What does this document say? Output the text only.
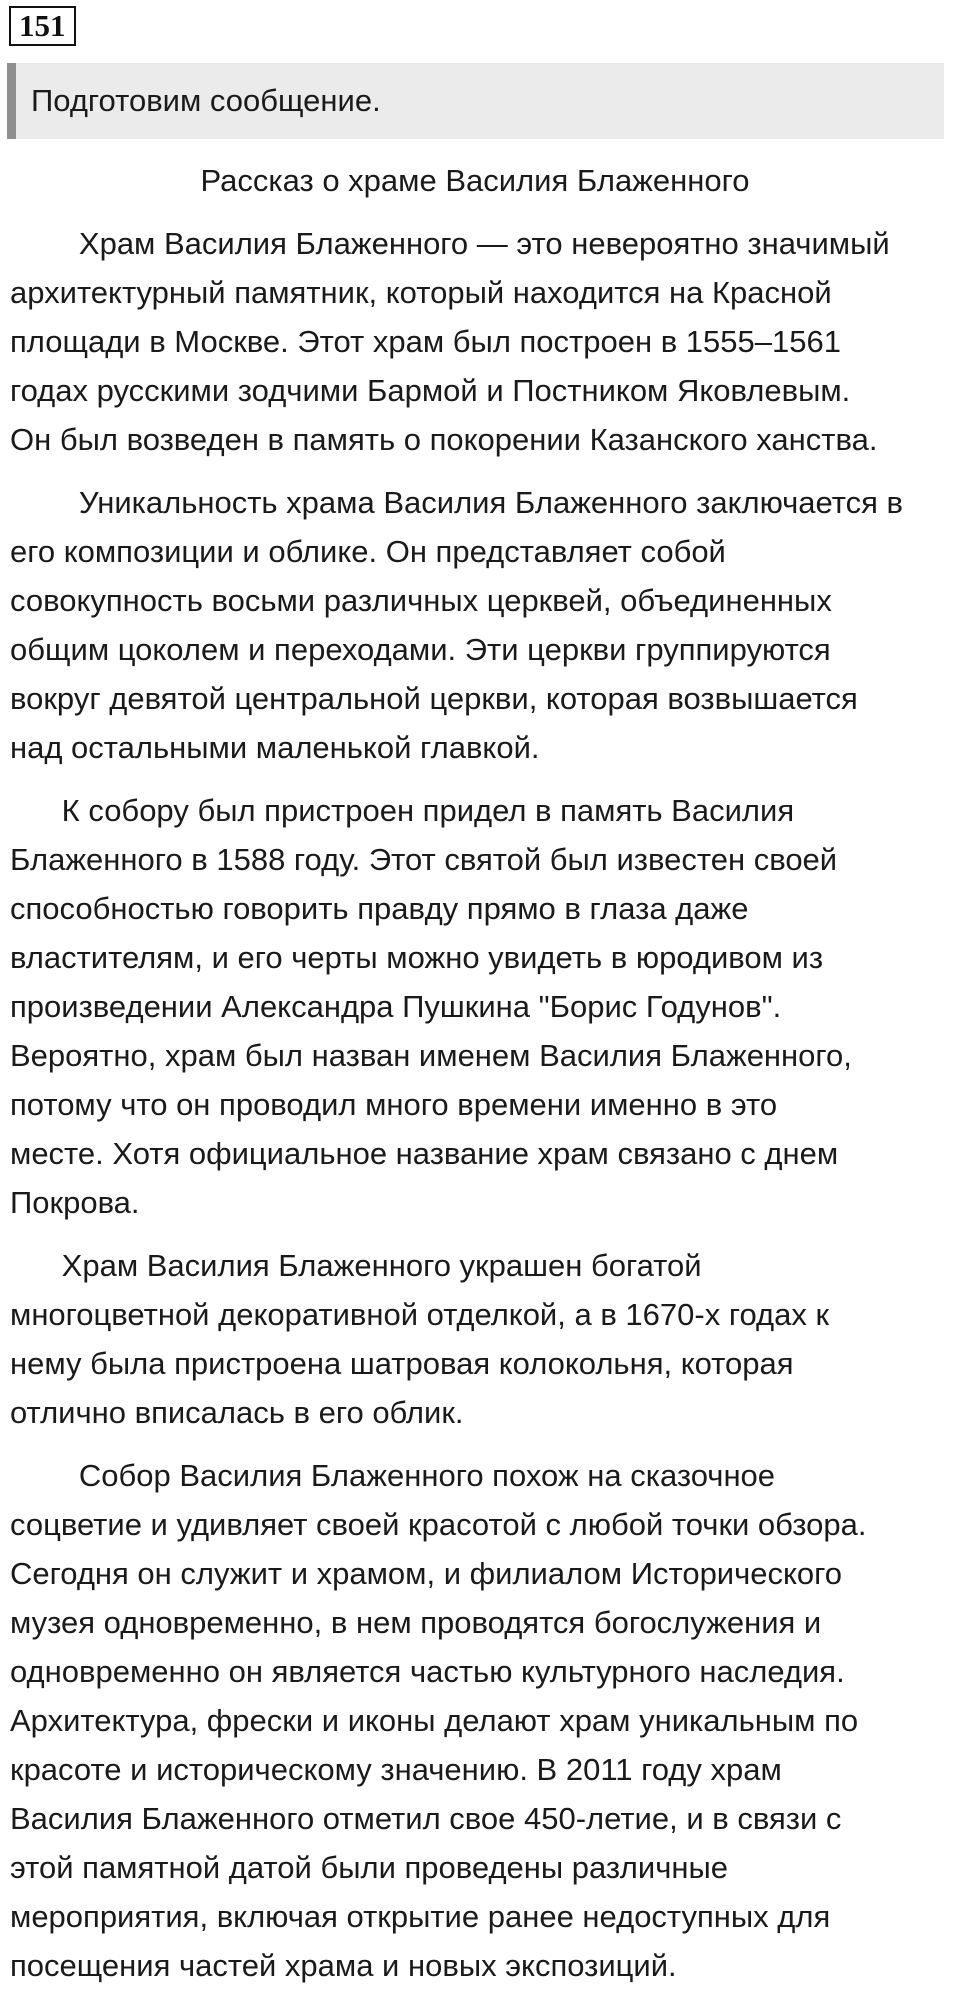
151
Подготовим сообщение.
Рассказ о храме Василия Блаженного

Храм Василия Блаженного — это невероятно значимый
архитектурный памятник, который находится на Красной
площади в Москве. Этот храм был построен в 1555–1561
годах русскими зодчими Бармой и Постником Яковлевым.
Он был возведен в память о покорении Казанского ханства.

Уникальность храма Василия Блаженного заключается в
его композиции и облике. Он представляет собой
совокупность восьми различных церквей, объединенных
общим цоколем и переходами. Эти церкви группируются
вокруг девятой центральной церкви, которая возвышается
над остальными маленькой главкой.

К собору был пристроен придел в память Василия
Блаженного в 1588 году. Этот святой был известен своей
способностью говорить правду прямо в глаза даже
властителям, и его черты можно увидеть в юродивом из
произведении Александра Пушкина "Борис Годунов".
Вероятно, храм был назван именем Василия Блаженного,
потому что он проводил много времени именно в это
месте. Хотя официальное название храм связано с днем
Покрова.

Храм Василия Блаженного украшен богатой
многоцветной декоративной отделкой, а в 1670-х годах к
нему была пристроена шатровая колокольня, которая
отлично вписалась в его облик.

Собор Василия Блаженного похож на сказочное
соцветие и удивляет своей красотой с любой точки обзора.
Сегодня он служит и храмом, и филиалом Исторического
музея одновременно, в нем проводятся богослужения и
одновременно он является частью культурного наследия.
Архитектура, фрески и иконы делают храм уникальным по
красоте и историческому значению. В 2011 году храм
Василия Блаженного отметил свое 450-летие, и в связи с
этой памятной датой были проведены различные
мероприятия, включая открытие ранее недоступных для
посещения частей храма и новых экспозиций.
